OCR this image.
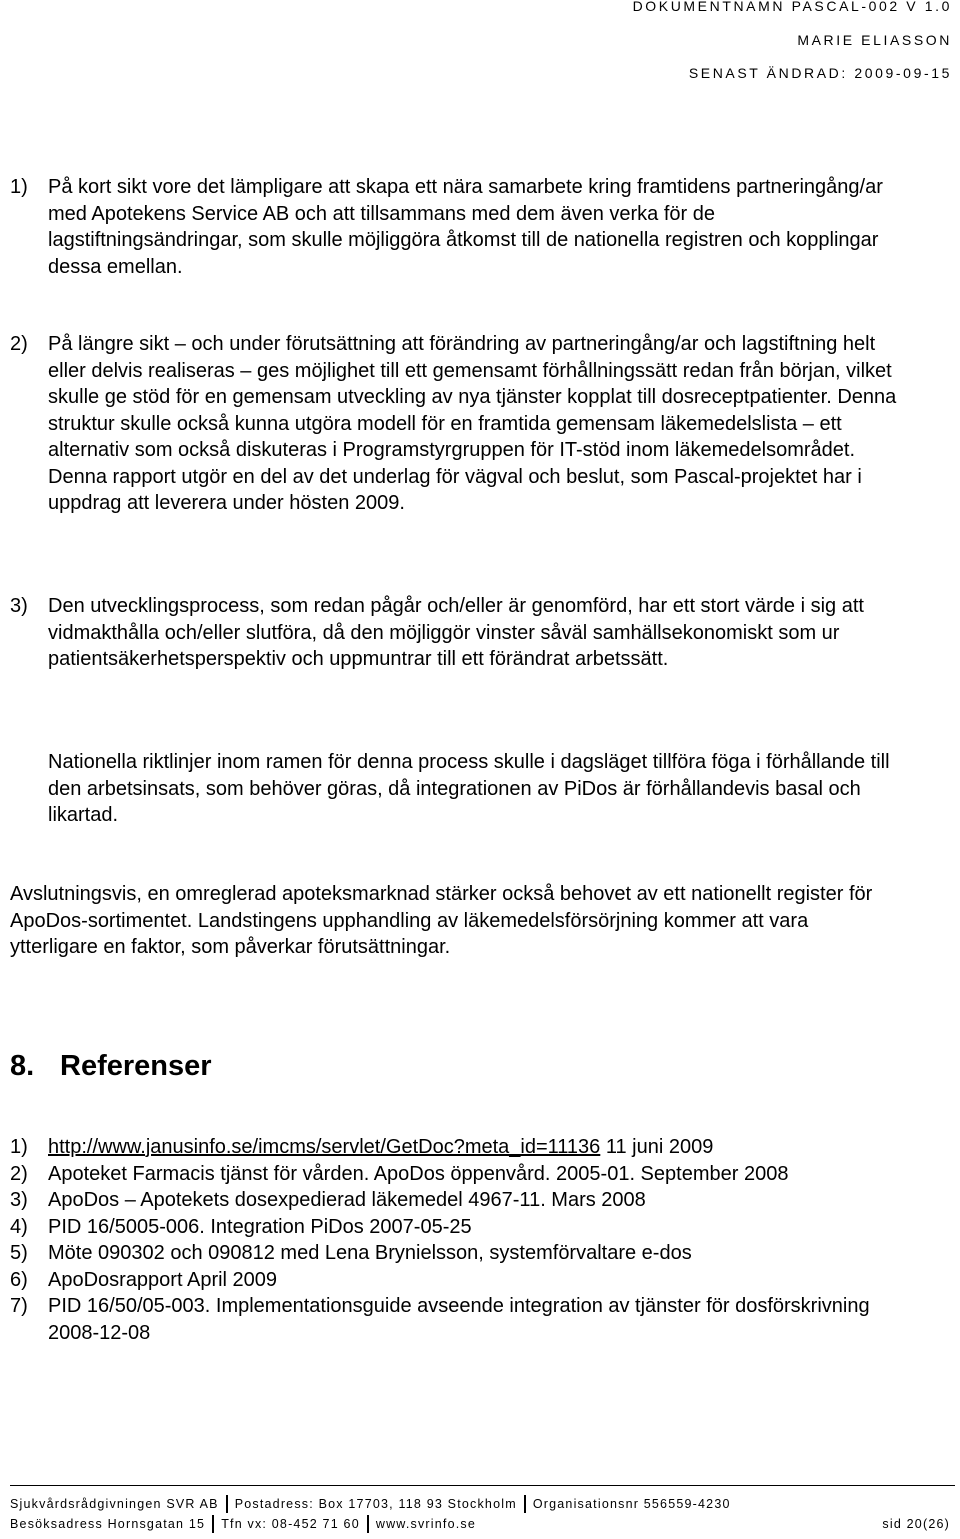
DOKUMENTNAMN PASCAL-002 V 1.0
MARIE ELIASSON
SENAST ÄNDRAD: 2009-09-15
1) På kort sikt vore det lämpligare att skapa ett nära samarbete kring framtidens partneringång/ar med Apotekens Service AB och att tillsammans med dem även verka för de lagstiftningsändringar, som skulle möjliggöra åtkomst till de nationella registren och kopplingar dessa emellan.
2) På längre sikt – och under förutsättning att förändring av partneringång/ar och lagstiftning helt eller delvis realiseras – ges möjlighet till ett gemensamt förhållningssätt redan från början, vilket skulle ge stöd för en gemensam utveckling av nya tjänster kopplat till dosreceptpatienter. Denna struktur skulle också kunna utgöra modell för en framtida gemensam läkemedelslista – ett alternativ som också diskuteras i Programstyrgruppen för IT-stöd inom läkemedelsområdet. Denna rapport utgör en del av det underlag för vägval och beslut, som Pascal-projektet har i uppdrag att leverera under hösten 2009.
3) Den utvecklingsprocess, som redan pågår och/eller är genomförd, har ett stort värde i sig att vidmakthålla och/eller slutföra, då den möjliggör vinster såväl samhällsekonomiskt som ur patientsäkerhetsperspektiv och uppmuntrar till ett förändrat arbetssätt.
Nationella riktlinjer inom ramen för denna process skulle i dagsläget tillföra föga i förhållande till den arbetsinsats, som behöver göras, då integrationen av PiDos är förhållandevis basal och likartad.
Avslutningsvis, en omreglerad apoteksmarknad stärker också behovet av ett nationellt register för ApoDos-sortimentet. Landstingens upphandling av läkemedelsförsörjning kommer att vara ytterligare en faktor, som påverkar förutsättningar.
8. Referenser
1) http://www.janusinfo.se/imcms/servlet/GetDoc?meta_id=11136 11 juni 2009
2) Apoteket Farmacis tjänst för vården. ApoDos öppenvård. 2005-01. September 2008
3) ApoDos – Apotekets dosexpedierad läkemedel 4967-11. Mars 2008
4) PID 16/5005-006. Integration PiDos 2007-05-25
5) Möte 090302 och 090812 med Lena Brynielsson, systemförvaltare e-dos
6) ApoDosrapport April 2009
7) PID 16/50/05-003. Implementationsguide avseende integration av tjänster för dosförskrivning 2008-12-08
Sjukvårdsrådgivningen SVR AB Postadress: Box 17703, 118 93 Stockholm Organisationsnr 556559-4230
Besöksadress Hornsgatan 15 Tfn vx: 08-452 71 60 www.svrinfo.se	sid 20(26)
